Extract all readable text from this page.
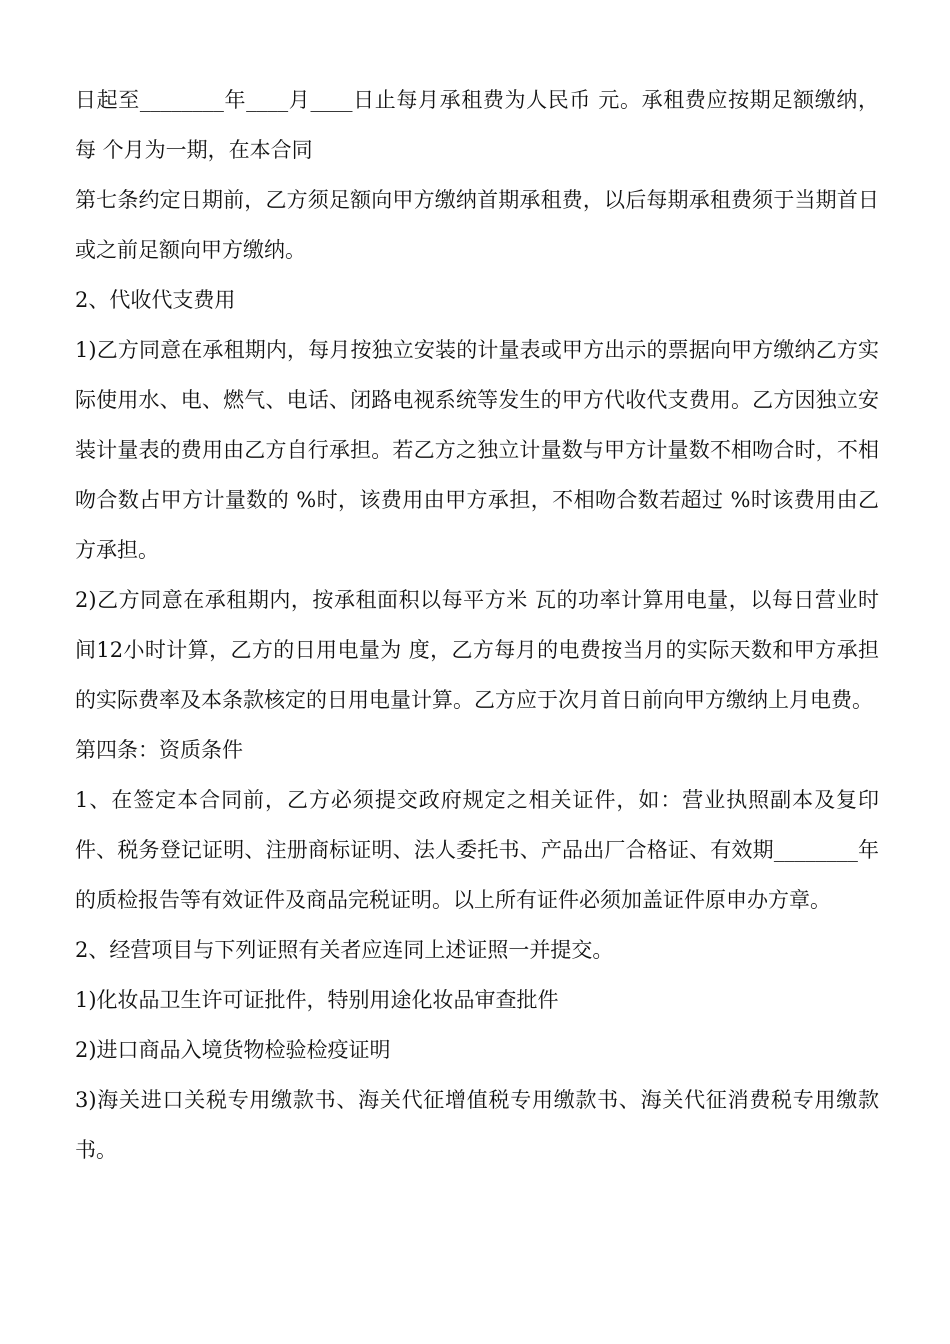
日起至________年____月____日止每月承租费为人民币 元。承租费应按期足额缴纳，每 个月为一期，在本合同

第七条约定日期前，乙方须足额向甲方缴纳首期承租费，以后每期承租费须于当期首日或之前足额向甲方缴纳。

2、代收代支费用

1)乙方同意在承租期内，每月按独立安装的计量表或甲方出示的票据向甲方缴纳乙方实际使用水、电、燃气、电话、闭路电视系统等发生的甲方代收代支费用。乙方因独立安装计量表的费用由乙方自行承担。若乙方之独立计量数与甲方计量数不相吻合时，不相吻合数占甲方计量数的 %时，该费用由甲方承担，不相吻合数若超过 %时该费用由乙方承担。

2)乙方同意在承租期内，按承租面积以每平方米 瓦的功率计算用电量，以每日营业时间12小时计算，乙方的日用电量为 度，乙方每月的电费按当月的实际天数和甲方承担的实际费率及本条款核定的日用电量计算。乙方应于次月首日前向甲方缴纳上月电费。

第四条：资质条件

1、在签定本合同前，乙方必须提交政府规定之相关证件，如：营业执照副本及复印件、税务登记证明、注册商标证明、法人委托书、产品出厂合格证、有效期________年的质检报告等有效证件及商品完税证明。以上所有证件必须加盖证件原申办方章。

2、经营项目与下列证照有关者应连同上述证照一并提交。

1)化妆品卫生许可证批件，特别用途化妆品审查批件

2)进口商品入境货物检验检疫证明

3)海关进口关税专用缴款书、海关代征增值税专用缴款书、海关代征消费税专用缴款书。
